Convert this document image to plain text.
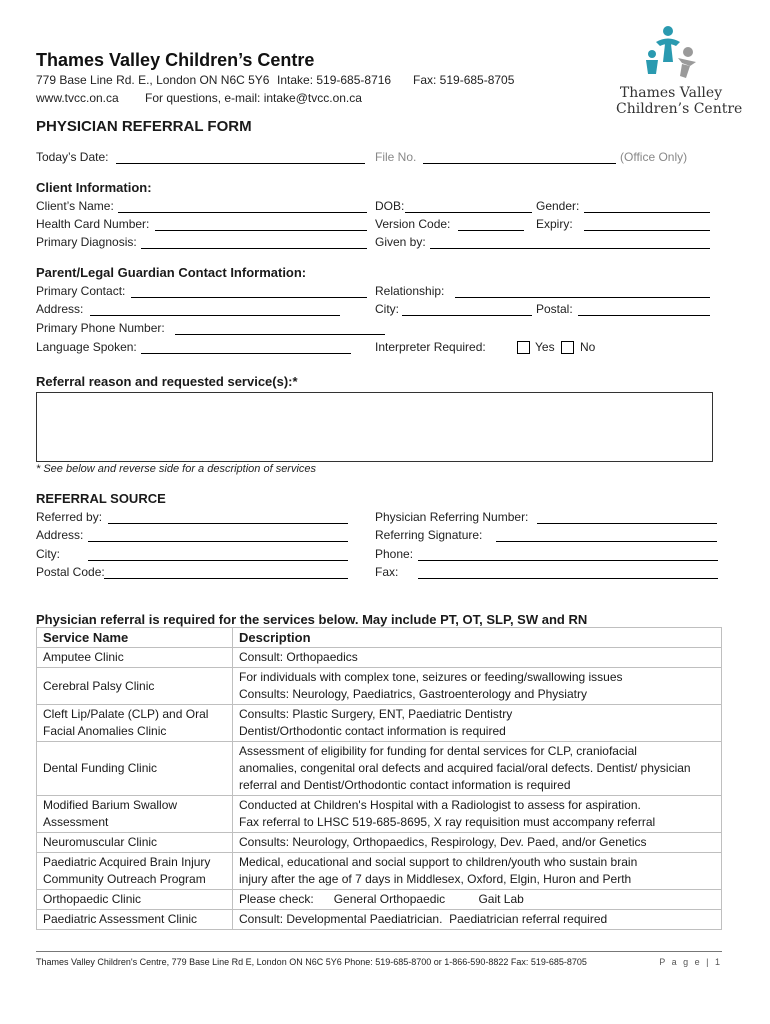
Thames Valley Children’s Centre
779 Base Line Rd. E., London ON N6C 5Y6 Intake: 519-685-8716 Fax: 519-685-8705
www.tvcc.on.ca For questions, e-mail: intake@tvcc.on.ca	Thames Valley
Children’s Centre
PHYSICIAN REFERRAL FORM
Today’s Date:	File No.	(Office Only)
Client Information:
Client’s Name:	DOB:	Gender:
Health Card Number:	Version Code:	Expiry:
Primary Diagnosis:	Given by:
Parent/Legal Guardian Contact Information:
Primary Contact:	Relationship:
Address:	City:	Postal:
Primary Phone Number:
Language Spoken:	Interpreter Required:	Yes No
Referral reason and requested service(s):*
* See below and reverse side for a description of services
REFERRAL SOURCE
Referred by:	Physician Referring Number:
Address:	Referring Signature:
City:	Phone:
Postal Code:	Fax:
Physician referral is required for the services below. May include PT, OT, SLP, SW and RN
Service Name	Description
Amputee Clinic	Consult: Orthopaedics
Cerebral Palsy Clinic	For individuals with complex tone, seizures or feeding/swallowing issues
Consults: Neurology, Paediatrics, Gastroenterology and Physiatry
Cleft Lip/Palate (CLP) and Oral
Facial Anomalies Clinic	Consults: Plastic Surgery, ENT, Paediatric Dentistry
Dentist/Orthodontic contact information is required
Dental Funding Clinic	Assessment of eligibility for funding for dental services for CLP, craniofacial
anomalies, congenital oral defects and acquired facial/oral defects. Dentist/ physician
referral and Dentist/Orthodontic contact information is required
Modified Barium Swallow
Assessment	Conducted at Children's Hospital with a Radiologist to assess for aspiration.
Fax referral to LHSC 519-685-8695, X ray requisition must accompany referral
Neuromuscular Clinic	Consults: Neurology, Orthopaedics, Respirology, Dev. Paed, and/or Genetics
Paediatric Acquired Brain Injury
Community Outreach Program	Medical, educational and social support to children/youth who sustain brain
injury after the age of 7 days in Middlesex, Oxford, Elgin, Huron and Perth
Orthopaedic Clinic	Please check:      General Orthopaedic          Gait Lab
Paediatric Assessment Clinic	Consult: Developmental Paediatrician.  Paediatrician referral required
Thames Valley Children's Centre, 779 Base Line Rd E, London ON N6C 5Y6 Phone: 519-685-8700 or 1-866-590-8822 Fax: 519-685-8705	P a g e | 1
